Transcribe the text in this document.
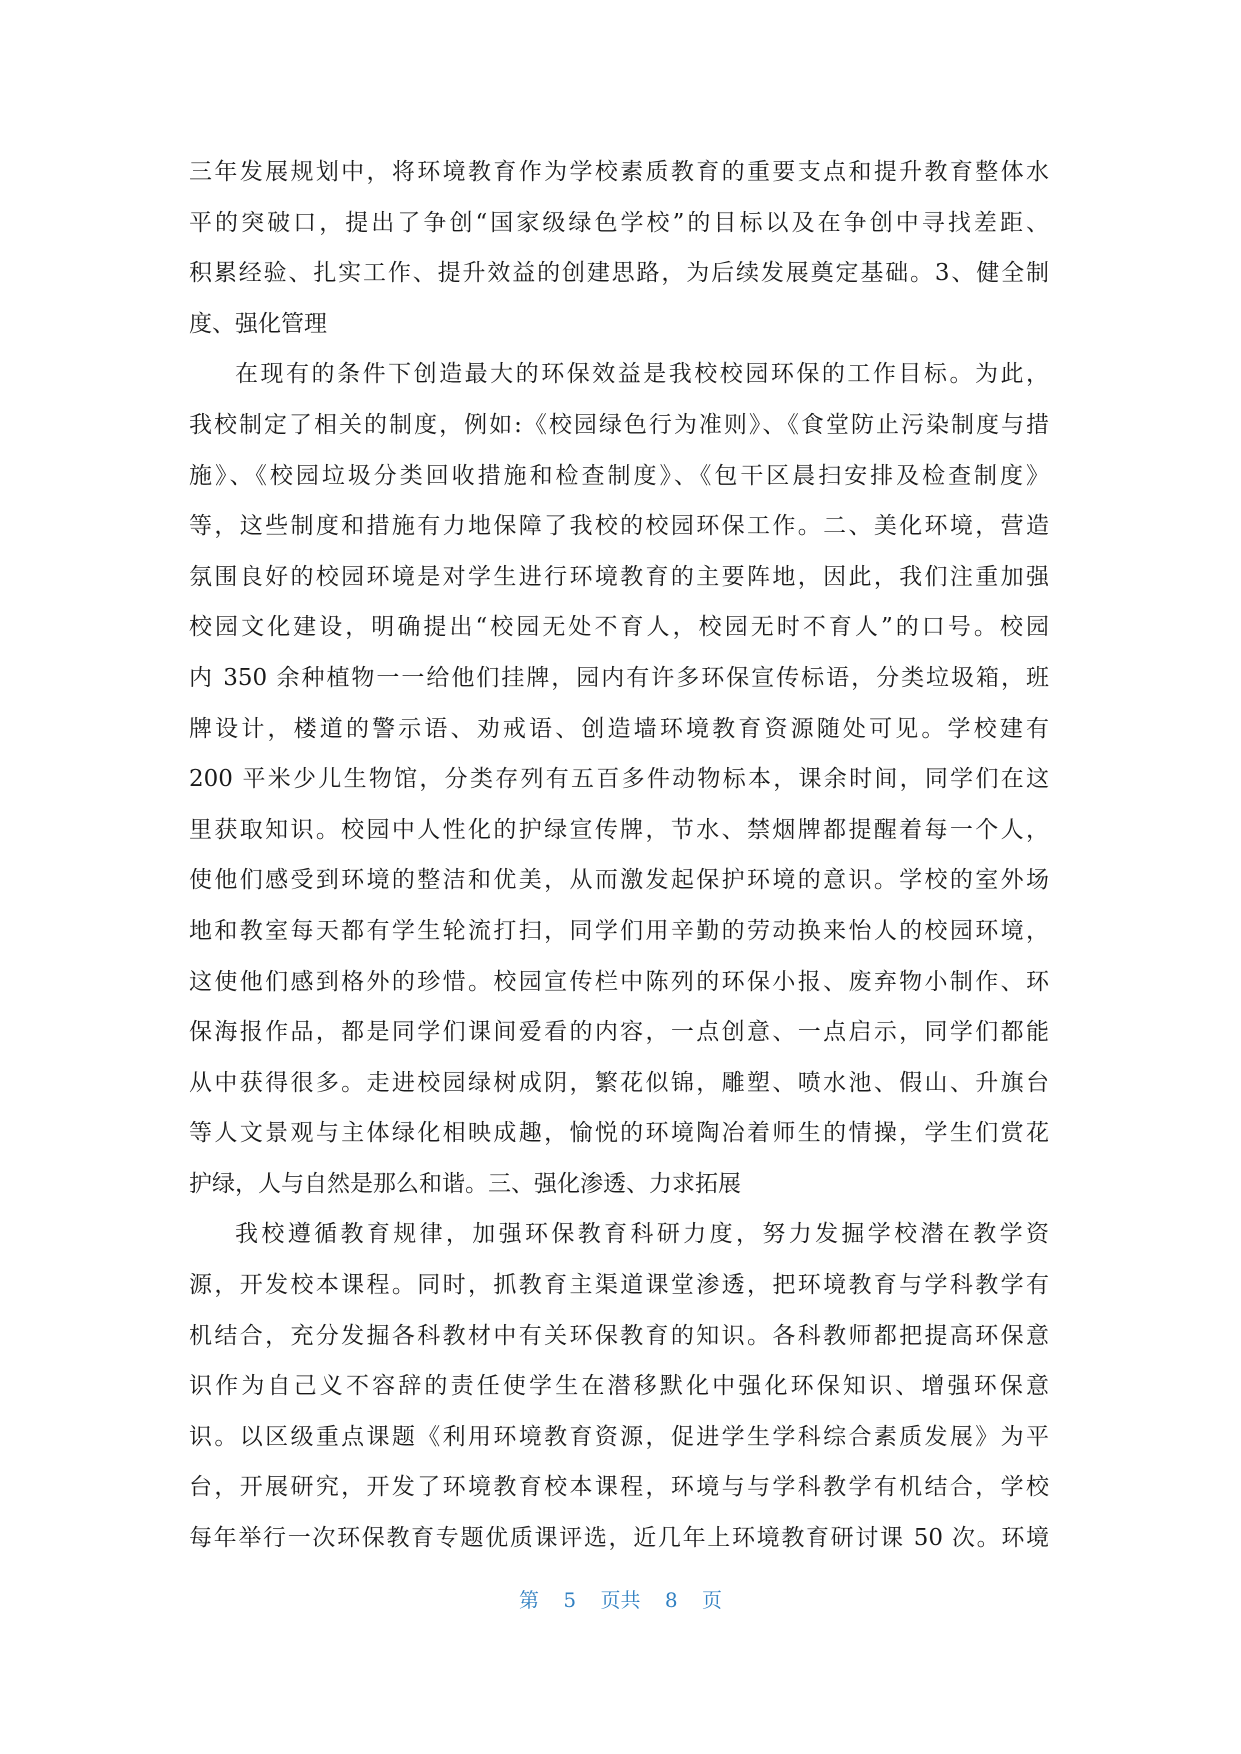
三年发展规划中，将环境教育作为学校素质教育的重要支点和提升教育整体水

平的突破口，提出了争创“国家级绿色学校”的目标以及在争创中寻找差距、

积累经验、扎实工作、提升效益的创建思路，为后续发展奠定基础。3、健全制

度、强化管理

在现有的条件下创造最大的环保效益是我校校园环保的工作目标。为此，

我校制定了相关的制度，例如:《校园绿色行为准则》、《食堂防止污染制度与措

施》、《校园垃圾分类回收措施和检查制度》、《包干区晨扫安排及检查制度》

等，这些制度和措施有力地保障了我校的校园环保工作。二、美化环境，营造

氛围良好的校园环境是对学生进行环境教育的主要阵地，因此，我们注重加强

校园文化建设，明确提出“校园无处不育人，校园无时不育人”的口号。校园

内 350 余种植物一一给他们挂牌，园内有许多环保宣传标语，分类垃圾箱，班

牌设计，楼道的警示语、劝戒语、创造墙环境教育资源随处可见。学校建有

200 平米少儿生物馆，分类存列有五百多件动物标本，课余时间，同学们在这

里获取知识。校园中人性化的护绿宣传牌，节水、禁烟牌都提醒着每一个人，

使他们感受到环境的整洁和优美，从而激发起保护环境的意识。学校的室外场

地和教室每天都有学生轮流打扫，同学们用辛勤的劳动换来怡人的校园环境，

这使他们感到格外的珍惜。校园宣传栏中陈列的环保小报、废弃物小制作、环

保海报作品，都是同学们课间爱看的内容，一点创意、一点启示，同学们都能

从中获得很多。走进校园绿树成阴，繁花似锦，雕塑、喷水池、假山、升旗台

等人文景观与主体绿化相映成趣，愉悦的环境陶冶着师生的情操，学生们赏花

护绿，人与自然是那么和谐。三、强化渗透、力求拓展

我校遵循教育规律，加强环保教育科研力度，努力发掘学校潜在教学资

源，开发校本课程。同时，抓教育主渠道课堂渗透，把环境教育与学科教学有

机结合，充分发掘各科教材中有关环保教育的知识。各科教师都把提高环保意

识作为自己义不容辞的责任使学生在潜移默化中强化环保知识、增强环保意

识。以区级重点课题《利用环境教育资源，促进学生学科综合素质发展》为平

台，开展研究，开发了环境教育校本课程，环境与与学科教学有机结合，学校

每年举行一次环保教育专题优质课评选，近几年上环境教育研讨课 50 次。环境

第 5 页共 8 页
